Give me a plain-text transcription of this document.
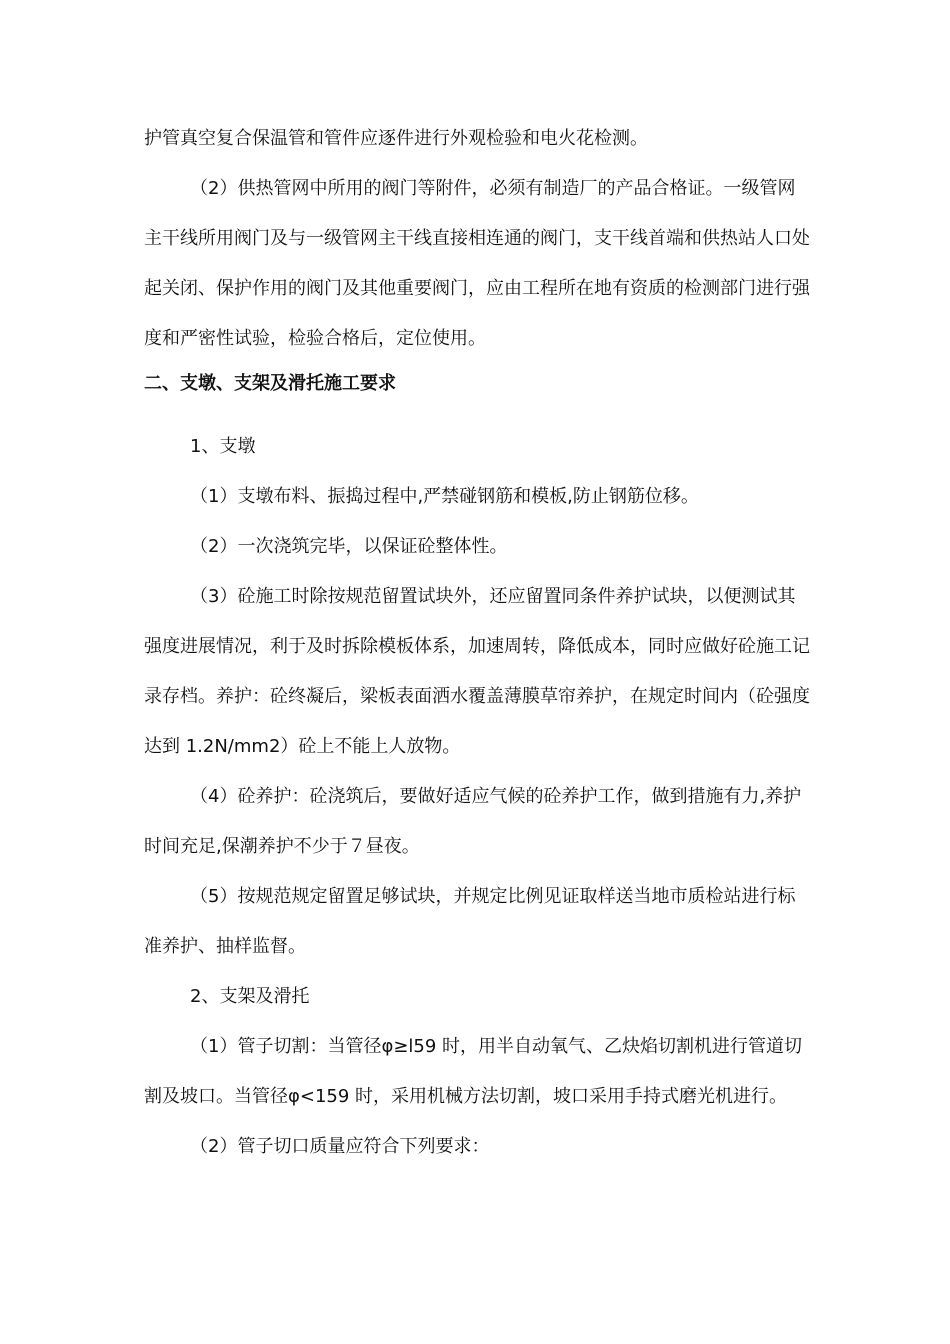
护管真空复合保温管和管件应逐件进行外观检验和电火花检测。

（2）供热管网中所用的阀门等附件，必须有制造厂的产品合格证。一级管网主干线所用阀门及与一级管网主干线直接相连通的阀门，支干线首端和供热站人口处起关闭、保护作用的阀门及其他重要阀门，应由工程所在地有资质的检测部门进行强度和严密性试验，检验合格后，定位使用。

二、支墩、支架及滑托施工要求

1、支墩

（1）支墩布料、振捣过程中,严禁碰钢筋和模板,防止钢筋位移。

（2）一次浇筑完毕，以保证砼整体性。

（3）砼施工时除按规范留置试块外，还应留置同条件养护试块，以便测试其强度进展情况，利于及时拆除模板体系，加速周转，降低成本，同时应做好砼施工记录存档。养护：砼终凝后，梁板表面洒水覆盖薄膜草帘养护，在规定时间内（砼强度达到 1.2N/mm2）砼上不能上人放物。

（4）砼养护：砼浇筑后，要做好适应气候的砼养护工作，做到措施有力,养护时间充足,保潮养护不少于７昼夜。

（5）按规范规定留置足够试块，并规定比例见证取样送当地市质检站进行标准养护、抽样监督。

2、支架及滑托

（1）管子切割：当管径φ≥l59 时，用半自动氧气、乙炔焰切割机进行管道切割及坡口。当管径φ<159 时，采用机械方法切割，坡口采用手持式磨光机进行。

（2）管子切口质量应符合下列要求：
